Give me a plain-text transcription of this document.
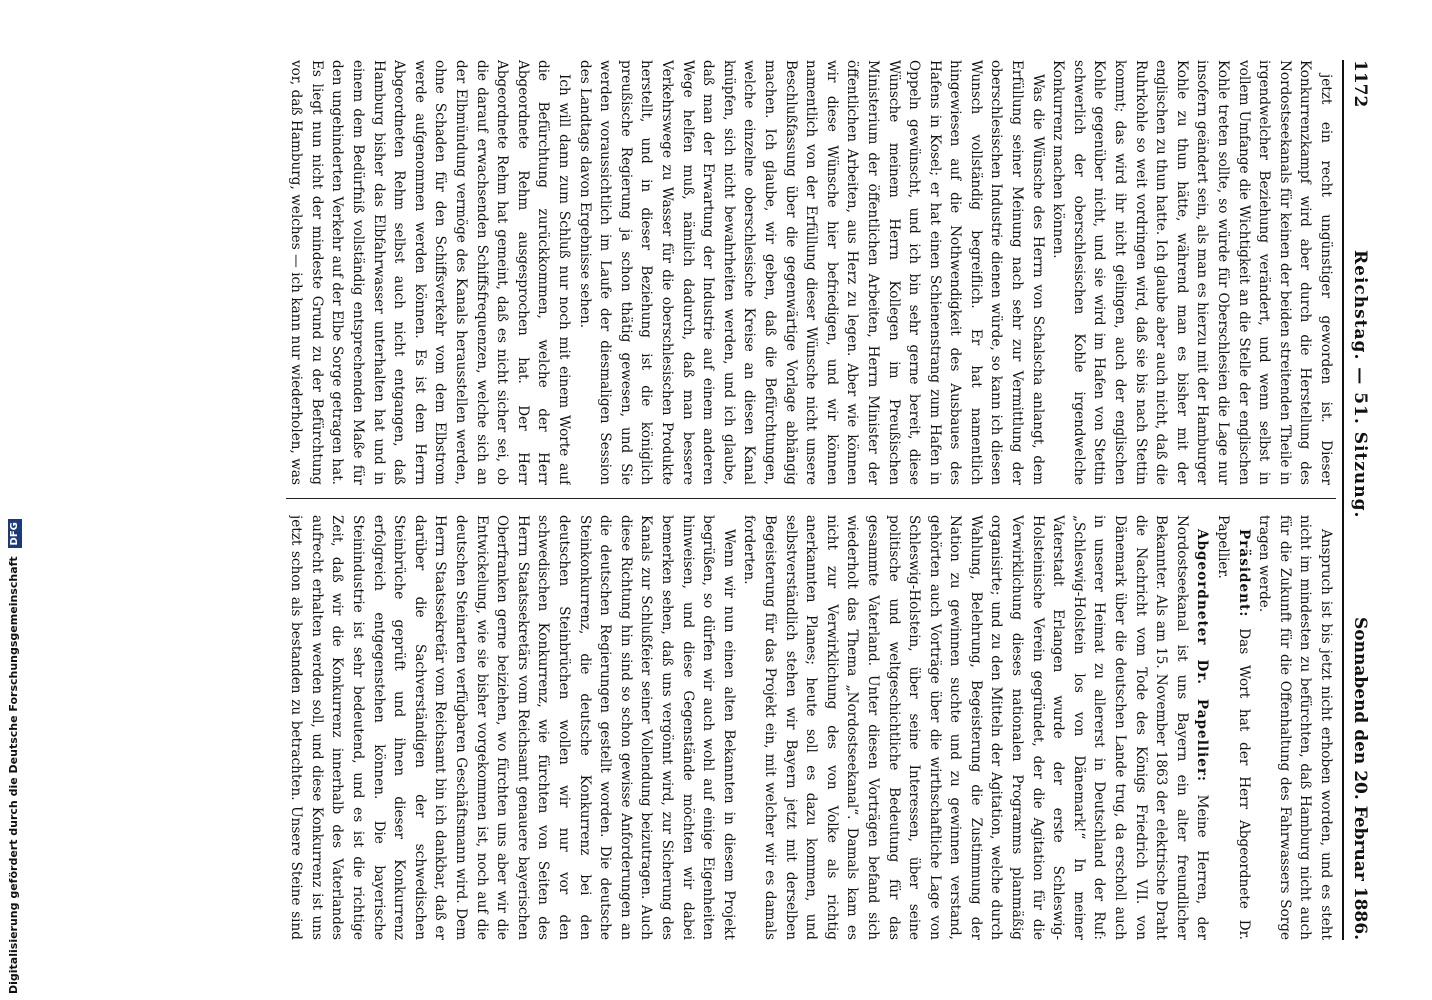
1172
Reichstag. — 51. Sitzung.
Sonnabend den 20. Februar 1886.

jetzt ein recht ungünstiger geworden ist. Dieser Konkurrenzkampf wird aber durch die Herstellung des Nordostseekanals für keinen der beiden streitenden Theile in irgendwelcher Beziehung verändert, und wenn selbst in vollem Umfange die Wichtigkeit an die Stelle der englischen Kohle treten sollte, so würde für Oberschlesien die Lage nur insofern geändert sein, als man es hierzu mit der Hamburger Kohle zu thun hätte, während man es bisher mit der englischen zu thun hatte. Ich glaube aber auch nicht, daß die Ruhrkohle so weit vordringen wird, daß sie bis nach Stettin kommt; das wird ihr nicht gelingen, auch der englischen Kohle gegenüber nicht, und sie wird im Hafen von Stettin schwerlich der oberschlesischen Kohle irgendwelche Konkurrenz machen können.

Was die Wünsche des Herrn von Schalscha anlangt, dem Erfüllung seiner Meinung nach sehr zur Vermittlung der oberschlesischen Industrie dienen würde, so kann ich diesen Wunsch vollständig begreiflich. Er hat namentlich hingewiesen auf die Nothwendigkeit des Ausbaues des Hafens in Kosel; er hat einen Schienenstrang zum Hafen in Oppeln gewünscht, und ich bin sehr gerne bereit, diese Wünsche meinem Herrn Kollegen im Preußischen Ministerium der öffentlichen Arbeiten, Herrn Minister der öffentlichen Arbeiten, aus Herz zu legen. Aber wie können wir diese Wünsche hier befriedigen, und wir können namentlich von der Erfüllung dieser Wünsche nicht unsere Beschlußfassung über die gegenwärtige Vorlage abhängig machen. Ich glaube, wir geben, daß die Befürchtungen, welche einzelne oberschlesische Kreise an diesen Kanal knüpfen, sich nicht bewahrheiten werden, und ich glaube, daß man der Erwartung der Industrie auf einem anderen Wege helfen muß, nämlich dadurch, daß man bessere Verkehrswege zu Wasser für die oberschlesischen Produkte herstellt, und in dieser Beziehung ist die königlich preußische Regierung ja schon thätig gewesen, und Sie werden voraussichtlich im Laufe der diesmaligen Session des Landtags davon Ergebnisse sehen.

Ich will dann zum Schluß nur noch mit einem Worte auf die Befürchtung zurückkommen, welche der Herr Abgeordnete Rehm ausgesprochen hat. Der Herr Abgeordnete Rehm hat gemeint, daß es nicht sicher sei, ob die darauf erwachsenden Schiffsfrequenzen, welche sich an der Elbmündung vermöge des Kanals herausstellen werden, ohne Schaden für den Schiffsverkehr vom dem Elbstrom werde aufgenommen werden können. Es ist dem Herrn Abgeordneten Rehm selbst auch nicht entgangen, daß Hamburg bisher das Elbfahrwasser unterhalten hat und in einem dem Bedürfniß vollständig entsprechenden Maße für den ungehinderten Verkehr auf der Elbe Sorge getragen hat. Es liegt nun nicht der mindeste Grund zu der Befürchtung vor, daß Hamburg, welches — ich kann nur wiederholen, was

Anspruch ist bis jetzt nicht erhoben worden, und es steht nicht im mindesten zu befürchten, daß Hamburg nicht auch für die Zukunft für die Offenhaltung des Fahrwassers Sorge tragen werde.

Präsident: Das Wort hat der Herr Abgeordnete Dr. Papellier.

Abgeordneter Dr. Papellier: Meine Herren, der Nordostseekanal ist uns Bayern ein alter freundlicher Bekannter. Als am 15. November 1863 der elektrische Draht die Nachricht vom Tode des Königs Friedrich VII. von Dänemark über die deutschen Lande trug, da erscholl auch in unserer Heimat zu allererst in Deutschland der Ruf: „Schleswig-Holstein los von Dänemark!“ In meiner Vaterstadt Erlangen wurde der erste Schleswig-Holsteinische Verein gegründet, der die Agitation für die Verwirklichung dieses nationalen Programms planmäßig organisirte; und zu den Mitteln der Agitation, welche durch Wahlung, Belehrung, Begeisterung die Zustimmung der Nation zu gewinnen suchte und zu gewinnen verstand, gehörten auch Vorträge über die wirthschaftliche Lage von Schleswig-Holstein, über seine Interessen, über seine politische und weltgeschichtliche Bedeutung für das gesammte Vaterland. Unter diesen Vorträgen befand sich wiederholt das Thema „Nordostseekanal“. Damals kam es nicht zur Verwirklichung des von Volke als richtig anerkannten Planes; heute soll es dazu kommen, und selbstverständlich stehen wir Bayern jetzt mit derselben Begeisterung für das Projekt ein, mit welcher wir es damals forderten.

Wenn wir nun einen alten Bekannten in diesem Projekt begrüßen, so dürfen wir auch wohl auf einige Eigenheiten hinweisen, und diese Gegenstände möchten wir dabei bemerken sehen, daß uns vergönnt wird, zur Sicherung des Kanals zur Schlußfeier seiner Vollendung beizutragen. Auch diese Richtung hin sind so schon gewisse Anforderungen an die deutschen Regierungen gestellt worden. Die deutsche Steinkonkurrenz, die deutsche Konkurrenz bei den deutschen Steinbrüchen wollen wir nur vor den schwedischen Konkurrenz, wie fürchten von Seiten des Herrn Staatssekretärs vom Reichsamt genauere bayerischen Oberfranken gerne beiziehen, wo fürchten uns aber wir die Entwickelung, wie sie bisher vorgekommen ist, noch auf die deutschen Steinarten verfügbaren Geschäftsmann wird. Dem Herrn Staatssekretär vom Reichsamt bin ich dankbar, daß er darüber die Sachverständigen der schwedischen Steinbrüche geprüft und ihnen dieser Konkurrenz erfolgreich entgegenstehen können. Die bayerische Steinindustrie ist sehr bedeutend, und es ist die richtige Zeit, daß wir die Konkurrenz innerhalb des Vaterlandes aufrecht erhalten werden soll, und diese Konkurrenz ist uns jetzt schon als bestanden zu betrachten. Unsere Steine sind

Digitalisierung gefördert durch die Deutsche Forschungsgemeinschaft DFG
